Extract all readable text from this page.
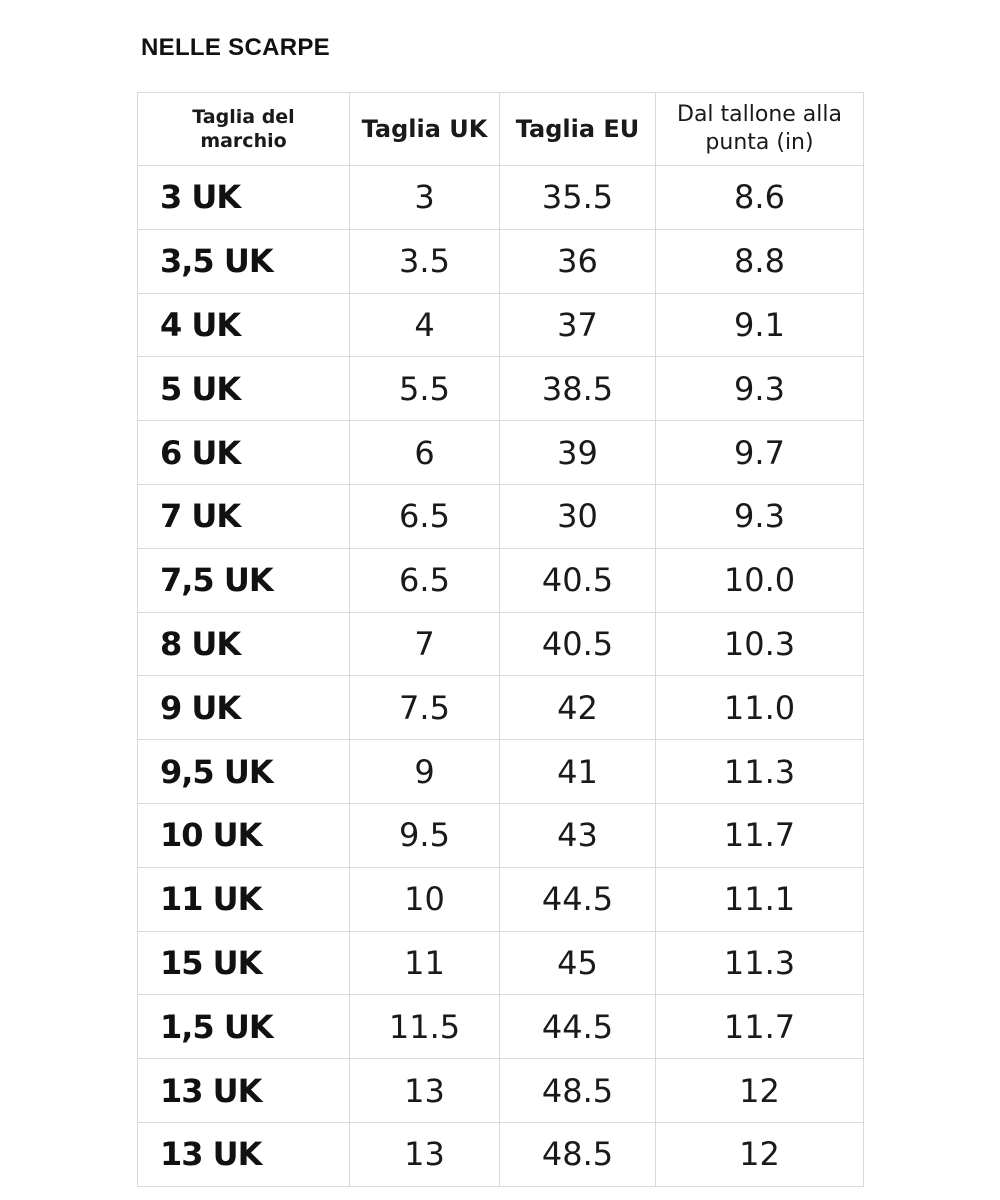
NELLE SCARPE
Taglia del
marchio	Taglia UK	Taglia EU	Dal tallone alla
punta (in)
3 UK	3	35.5	8.6
3,5 UK	3.5	36	8.8
4 UK	4	37	9.1
5 UK	5.5	38.5	9.3
6 UK	6	39	9.7
7 UK	6.5	30	9.3
7,5 UK	6.5	40.5	10.0
8 UK	7	40.5	10.3
9 UK	7.5	42	11.0
9,5 UK	9	41	11.3
10 UK	9.5	43	11.7
11 UK	10	44.5	11.1
15 UK	11	45	11.3
1,5 UK	11.5	44.5	11.7
13 UK	13	48.5	12
13 UK	13	48.5	12
